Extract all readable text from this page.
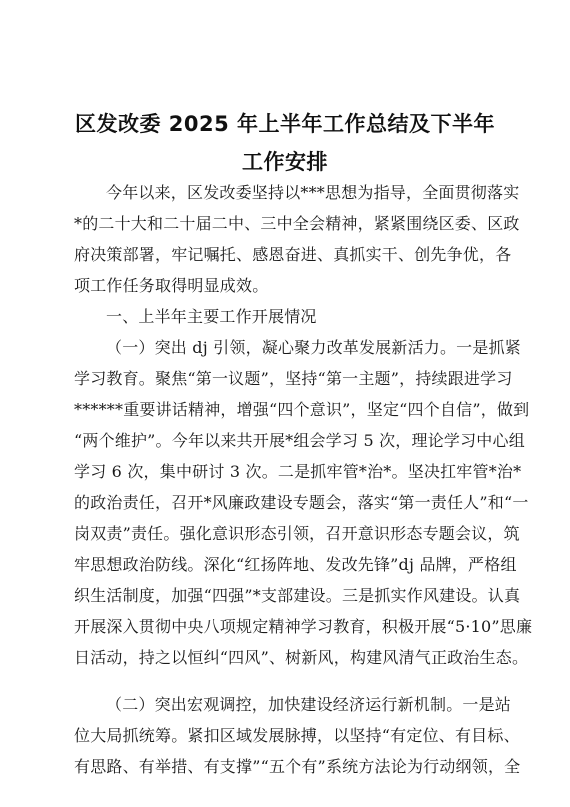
区发改委 2025 年上半年工作总结及下半年
工作安排
今年以来，区发改委坚持以***思想为指导，全面贯彻落实
*的二十大和二十届二中、三中全会精神，紧紧围绕区委、区政
府决策部署，牢记嘱托、感恩奋进、真抓实干、创先争优，各
项工作任务取得明显成效。
一、上半年主要工作开展情况
（一）突出 dj 引领，凝心聚力改革发展新活力。一是抓紧
学习教育。聚焦“第一议题”，坚持“第一主题”，持续跟进学习
******重要讲话精神，增强“四个意识”，坚定“四个自信”，做到
“两个维护”。今年以来共开展*组会学习 5 次，理论学习中心组
学习 6 次，集中研讨 3 次。二是抓牢管*治*。坚决扛牢管*治*
的政治责任，召开*风廉政建设专题会，落实“第一责任人”和“一
岗双责”责任。强化意识形态引领，召开意识形态专题会议，筑
牢思想政治防线。深化“红扬阵地、发改先锋”dj 品牌，严格组
织生活制度，加强“四强”*支部建设。三是抓实作风建设。认真
开展深入贯彻中央八项规定精神学习教育，积极开展“5·10”思廉
日活动，持之以恒纠“四风”、树新风，构建风清气正政治生态。
（二）突出宏观调控，加快建设经济运行新机制。一是站
位大局抓统筹。紧扣区域发展脉搏，以坚持“有定位、有目标、
有思路、有举措、有支撑”“五个有”系统方法论为行动纲领，全
